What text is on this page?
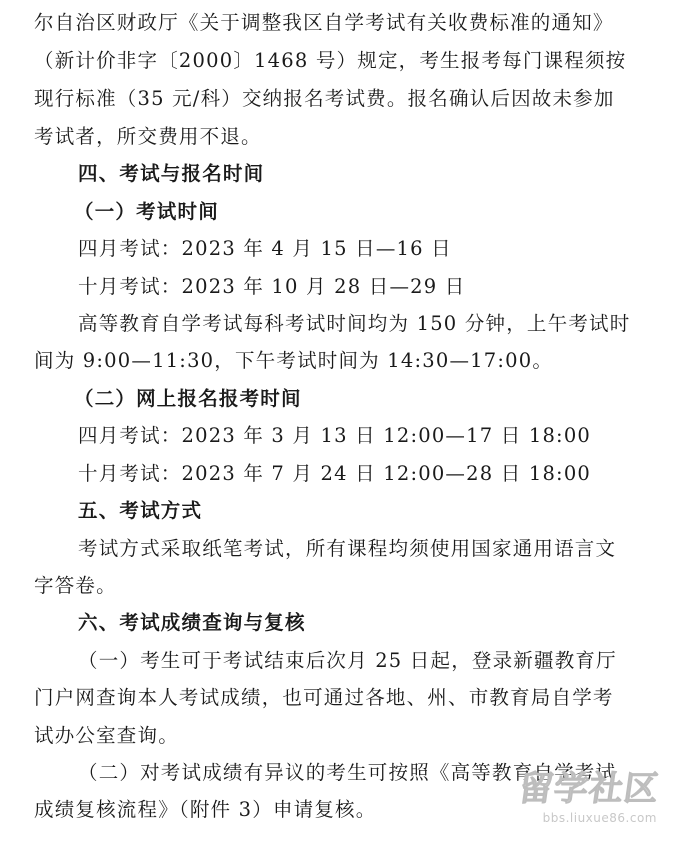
尔自治区财政厅《关于调整我区自学考试有关收费标准的通知》
（新计价非字〔2000〕1468 号）规定，考生报考每门课程须按
现行标准（35 元/科）交纳报名考试费。报名确认后因故未参加
考试者，所交费用不退。
四、考试与报名时间
（一）考试时间
四月考试：2023 年 4 月 15 日—16 日
十月考试：2023 年 10 月 28 日—29 日
高等教育自学考试每科考试时间均为 150 分钟，上午考试时
间为 9:00—11:30，下午考试时间为 14:30—17:00。
（二）网上报名报考时间
四月考试：2023 年 3 月 13 日 12:00—17 日 18:00
十月考试：2023 年 7 月 24 日 12:00—28 日 18:00
五、考试方式
考试方式采取纸笔考试，所有课程均须使用国家通用语言文
字答卷。
六、考试成绩查询与复核
（一）考生可于考试结束后次月 25 日起，登录新疆教育厅
门户网查询本人考试成绩，也可通过各地、州、市教育局自学考
试办公室查询。
（二）对考试成绩有异议的考生可按照《高等教育自学考试
成绩复核流程》（附件 3）申请复核。
留学社区
bbs.liuxue86.com
